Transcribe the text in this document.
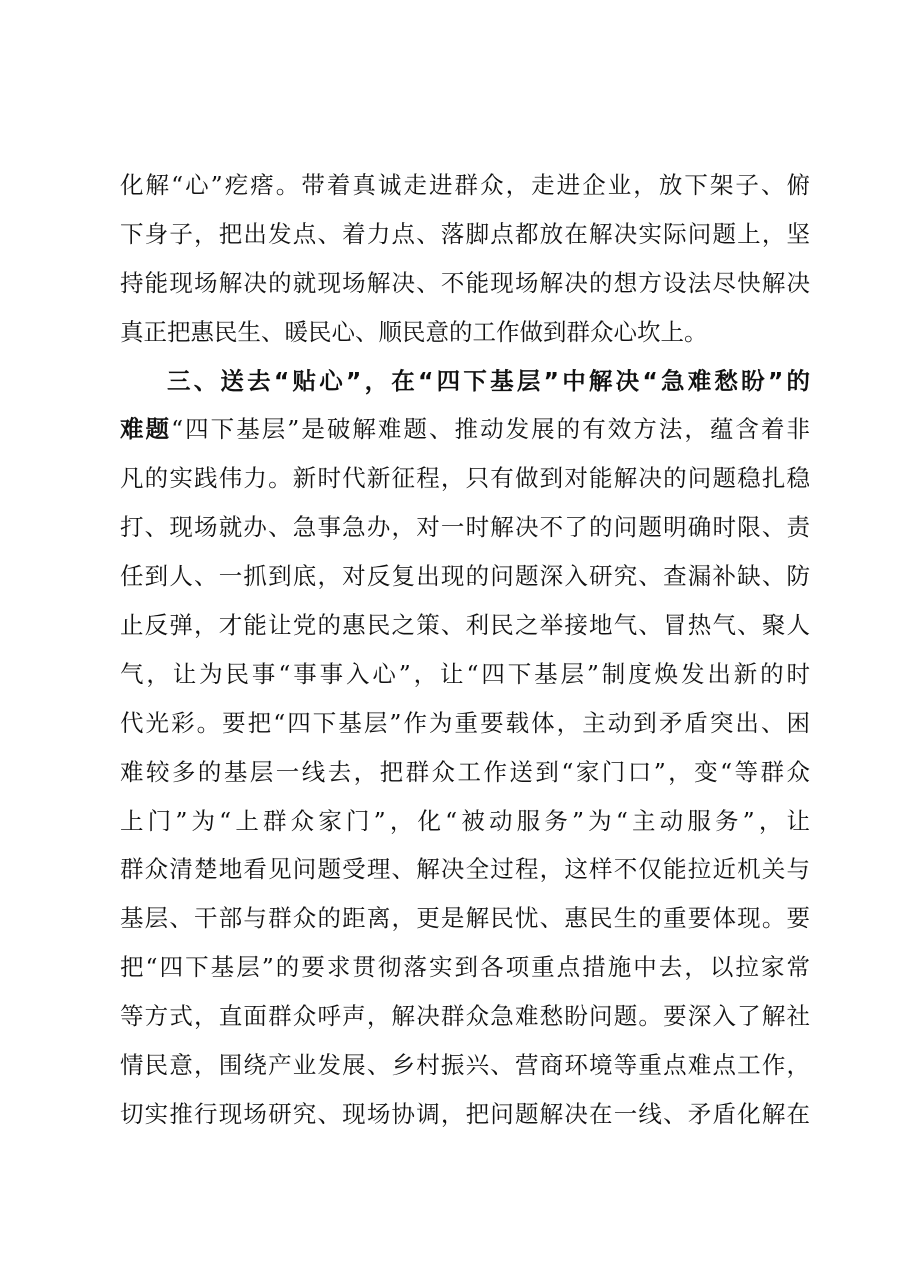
化解“心”疙瘩。带着真诚走进群众，走进企业，放下架子、俯
下身子，把出发点、着力点、落脚点都放在解决实际问题上，坚
持能现场解决的就现场解决、不能现场解决的想方设法尽快解决
真正把惠民生、暖民心、顺民意的工作做到群众心坎上。
三、送去“贴心”，在“四下基层”中解决“急难愁盼”的
难题“四下基层”是破解难题、推动发展的有效方法，蕴含着非
凡的实践伟力。新时代新征程，只有做到对能解决的问题稳扎稳
打、现场就办、急事急办，对一时解决不了的问题明确时限、责
任到人、一抓到底，对反复出现的问题深入研究、查漏补缺、防
止反弹，才能让党的惠民之策、利民之举接地气、冒热气、聚人
气，让为民事“事事入心”，让“四下基层”制度焕发出新的时
代光彩。要把“四下基层”作为重要载体，主动到矛盾突出、困
难较多的基层一线去，把群众工作送到“家门口”，变“等群众
上门”为“上群众家门”，化“被动服务”为“主动服务”，让
群众清楚地看见问题受理、解决全过程，这样不仅能拉近机关与
基层、干部与群众的距离，更是解民忧、惠民生的重要体现。要
把“四下基层”的要求贯彻落实到各项重点措施中去，以拉家常
等方式，直面群众呼声，解决群众急难愁盼问题。要深入了解社
情民意，围绕产业发展、乡村振兴、营商环境等重点难点工作，
切实推行现场研究、现场协调，把问题解决在一线、矛盾化解在
